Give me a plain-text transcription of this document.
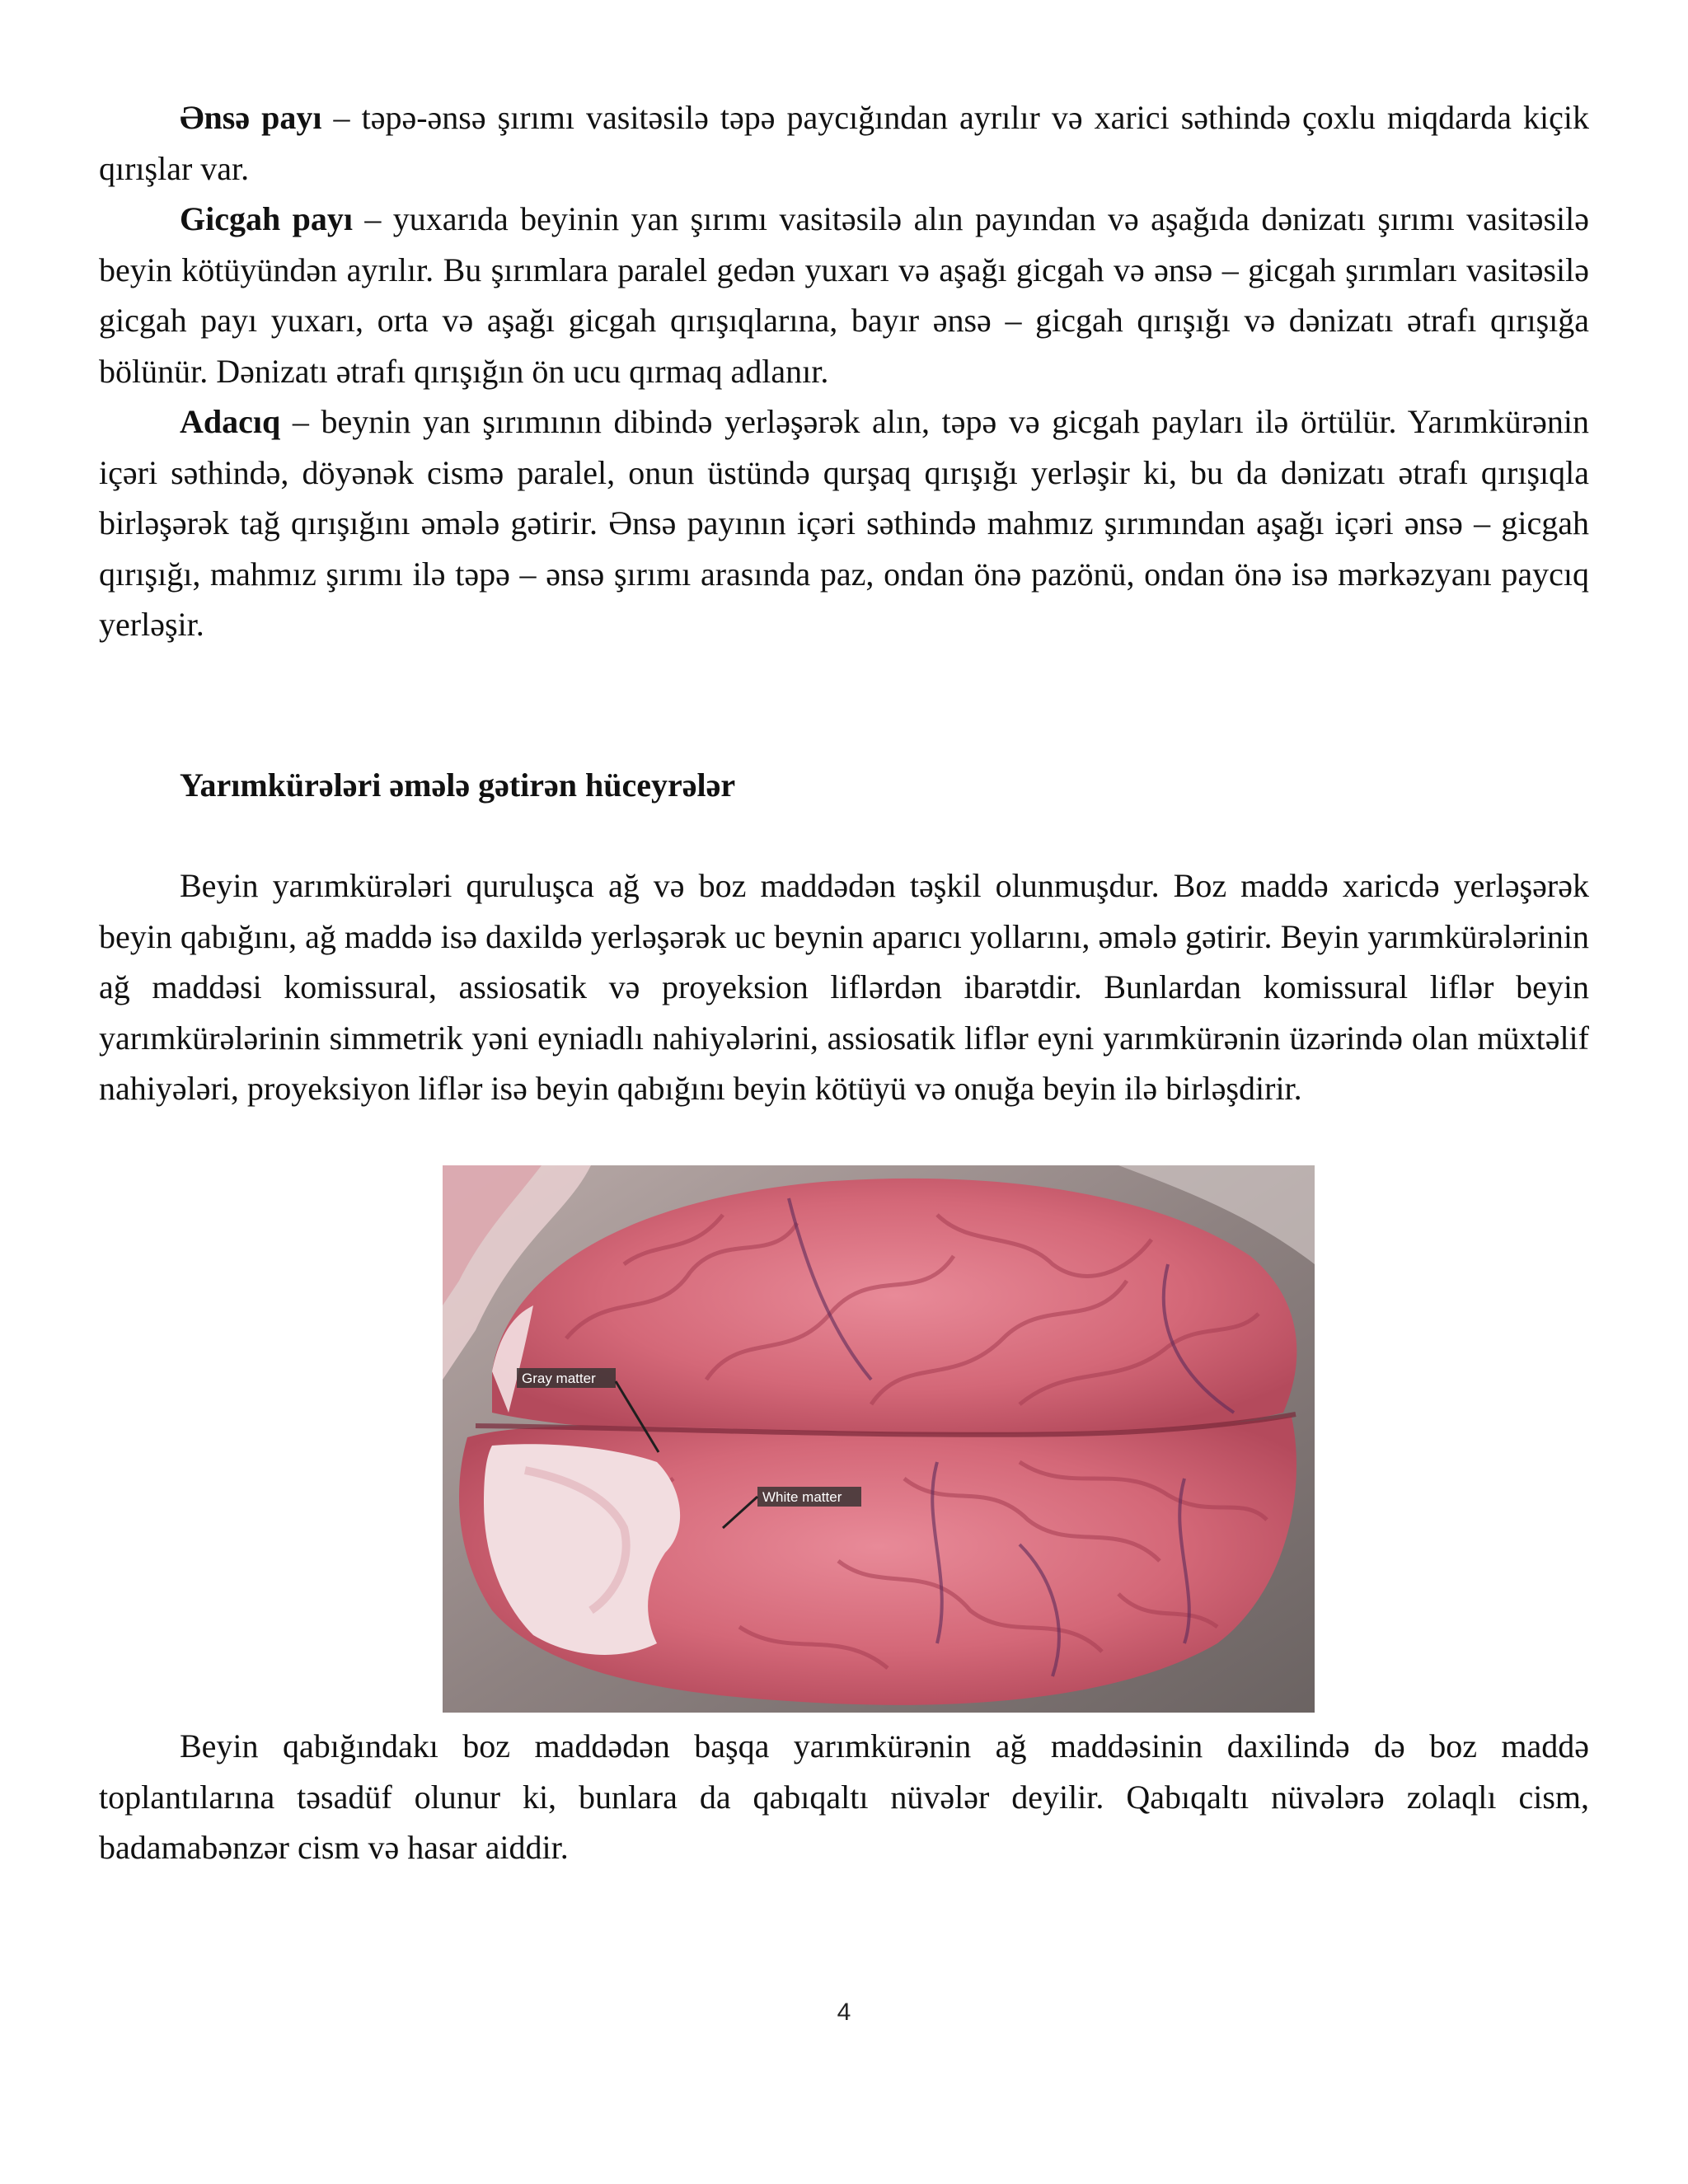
Ənsə payı – təpə-ənsə şırımı vasitəsilə təpə paycığından ayrılır və xarici səthində çoxlu miqdarda kiçik qırışlar var.

Gicgah payı – yuxarıda beyinin yan şırımı vasitəsilə alın payından və aşağıda dənizatı şırımı vasitəsilə beyin kötüyündən ayrılır. Bu şırımlara paralel gedən yuxarı və aşağı gicgah və ənsə – gicgah şırımları vasitəsilə gicgah payı yuxarı, orta və aşağı gicgah qırışıqlarına, bayır ənsə – gicgah qırışığı və dənizatı ətrafı qırışığa bölünür. Dənizatı ətrafı qırışığın ön ucu qırmaq adlanır.

Adacıq – beynin yan şırımının dibində yerləşərək alın, təpə və gicgah payları ilə örtülür. Yarımkürənin içəri səthində, döyənək cismə paralel, onun üstündə qurşaq qırışığı yerləşir ki, bu da dənizatı ətrafı qırışıqla birləşərək tağ qırışığını əmələ gətirir. Ənsə payının içəri səthində mahmız şırımından aşağı içəri ənsə – gicgah qırışığı, mahmız şırımı ilə təpə – ənsə şırımı arasında paz, ondan önə pazönü, ondan önə isə mərkəzyanı paycıq yerləşir.

Yarımkürələri əmələ gətirən hüceyrələr

Beyin yarımkürələri quruluşca ağ və boz maddədən təşkil olunmuşdur. Boz maddə xaricdə yerləşərək beyin qabığını, ağ maddə isə daxildə yerləşərək uc beynin aparıcı yollarını, əmələ gətirir. Beyin yarımkürələrinin ağ maddəsi komissural, assiosatik və proyeksion liflərdən ibarətdir. Bunlardan komissural liflər beyin yarımkürələrinin simmetrik yəni eyniadlı nahiyələrini, assiosatik liflər eyni yarımkürənin üzərində olan müxtəlif nahiyələri, proyeksiyon liflər isə beyin qabığını beyin kötüyü və onuğa beyin ilə birləşdirir.

Gray matter
White matter

Beyin qabığındakı boz maddədən başqa yarımkürənin ağ maddəsinin daxilində də boz maddə toplantılarına təsadüf olunur ki, bunlara da qabıqaltı nüvələr deyilir. Qabıqaltı nüvələrə zolaqlı cism, badamabənzər cism və hasar aiddir.

4
